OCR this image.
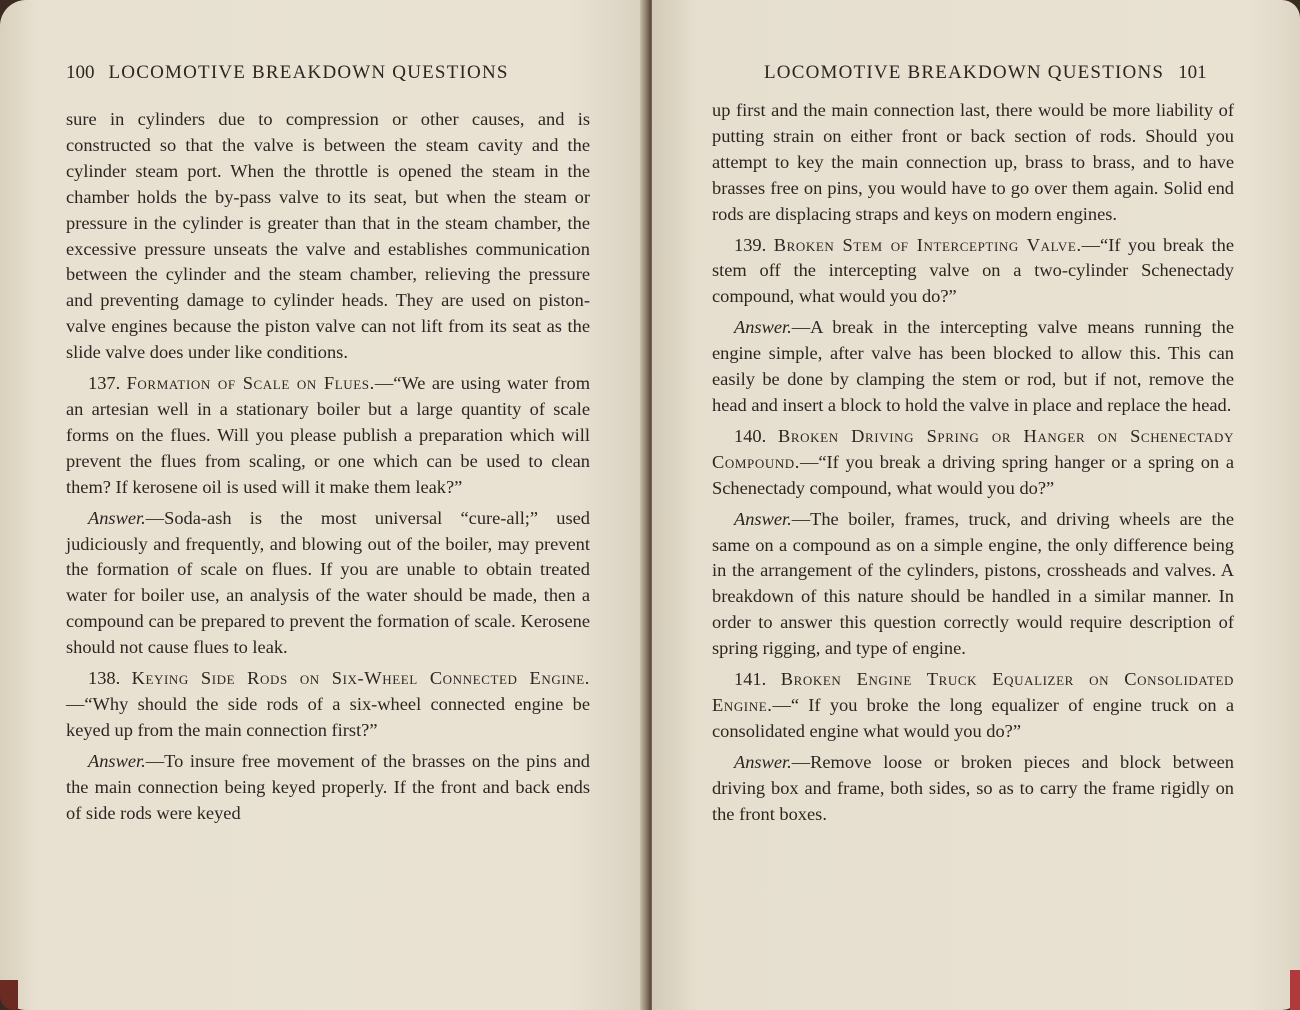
100 LOCOMOTIVE BREAKDOWN QUESTIONS

sure in cylinders due to compression or other causes, and is constructed so that the valve is between the steam cavity and the cylinder steam port. When the throttle is opened the steam in the chamber holds the by-pass valve to its seat, but when the steam or pressure in the cylinder is greater than that in the steam chamber, the excessive pressure unseats the valve and establishes communication between the cylinder and the steam chamber, relieving the pressure and preventing damage to cylinder heads. They are used on piston-valve engines because the piston valve can not lift from its seat as the slide valve does under like conditions.

137. Formation of Scale on Flues.—“We are using water from an artesian well in a stationary boiler but a large quantity of scale forms on the flues. Will you please publish a preparation which will prevent the flues from scaling, or one which can be used to clean them? If kerosene oil is used will it make them leak?”

Answer.—Soda-ash is the most universal “cure-all;” used judiciously and frequently, and blowing out of the boiler, may prevent the formation of scale on flues. If you are unable to obtain treated water for boiler use, an analysis of the water should be made, then a compound can be prepared to prevent the formation of scale. Kerosene should not cause flues to leak.

138. Keying Side Rods on Six-Wheel Connected Engine.—“Why should the side rods of a six-wheel connected engine be keyed up from the main connection first?”

Answer.—To insure free movement of the brasses on the pins and the main connection being keyed properly. If the front and back ends of side rods were keyed

LOCOMOTIVE BREAKDOWN QUESTIONS 101

up first and the main connection last, there would be more liability of putting strain on either front or back section of rods. Should you attempt to key the main connection up, brass to brass, and to have brasses free on pins, you would have to go over them again. Solid end rods are displacing straps and keys on modern engines.

139. Broken Stem of Intercepting Valve.—“If you break the stem off the intercepting valve on a two-cylinder Schenectady compound, what would you do?”

Answer.—A break in the intercepting valve means running the engine simple, after valve has been blocked to allow this. This can easily be done by clamping the stem or rod, but if not, remove the head and insert a block to hold the valve in place and replace the head.

140. Broken Driving Spring or Hanger on Schenectady Compound.—“If you break a driving spring hanger or a spring on a Schenectady compound, what would you do?”

Answer.—The boiler, frames, truck, and driving wheels are the same on a compound as on a simple engine, the only difference being in the arrangement of the cylinders, pistons, crossheads and valves. A breakdown of this nature should be handled in a similar manner. In order to answer this question correctly would require description of spring rigging, and type of engine.

141. Broken Engine Truck Equalizer on Consolidated Engine.—“ If you broke the long equalizer of engine truck on a consolidated engine what would you do?”

Answer.—Remove loose or broken pieces and block between driving box and frame, both sides, so as to carry the frame rigidly on the front boxes.
